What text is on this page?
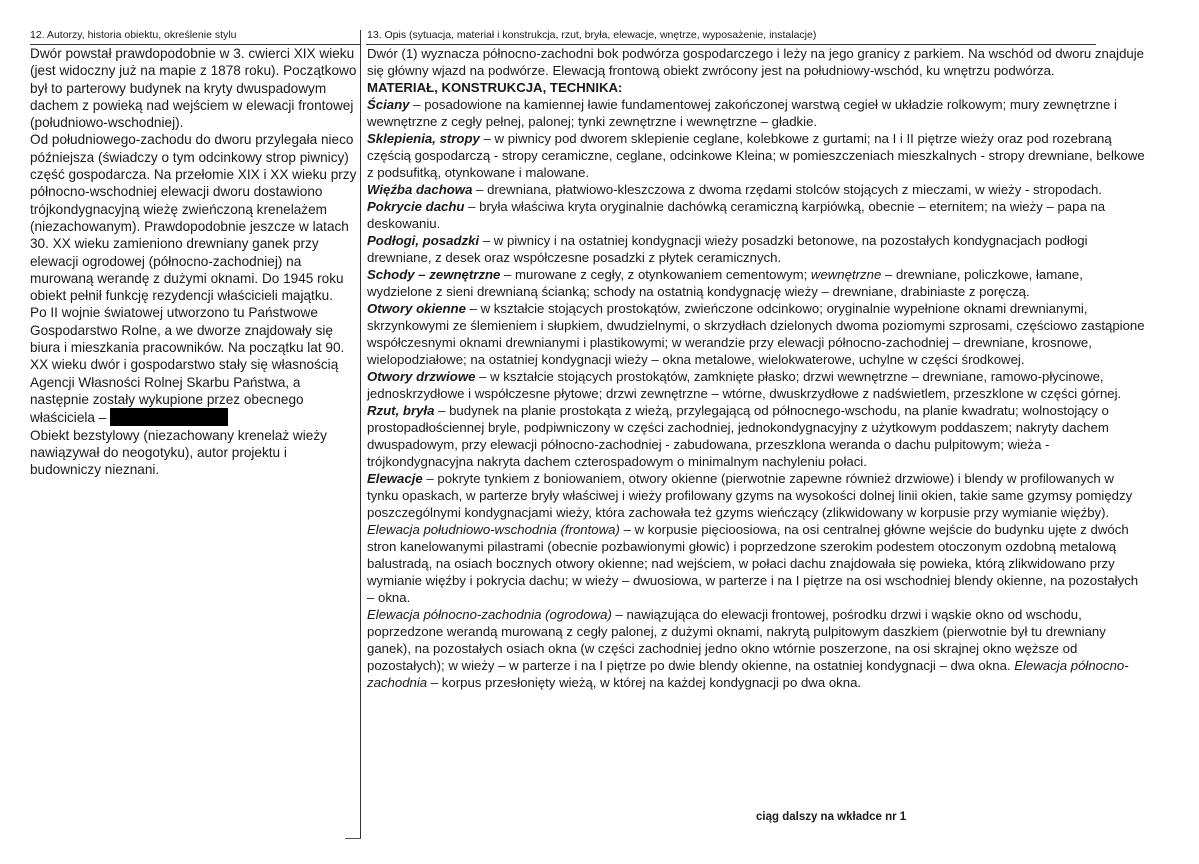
12. Autorzy, historia obiektu, określenie stylu

Dwór powstał prawdopodobnie w 3. cwierci XIX wieku (jest widoczny już na mapie z 1878 roku). Początkowo był to parterowy budynek na kryty dwuspadowym dachem z powieką nad wejściem w elewacji frontowej (południowo-wschodniej).

Od południowego-zachodu do dworu przylegała nieco późniejsza (świadczy o tym odcinkowy strop piwnicy) część gospodarcza. Na przełomie XIX i XX wieku przy północno-wschodniej elewacji dworu dostawiono trójkondygnacyjną wieżę zwieńczoną krenelażem (niezachowanym). Prawdopodobnie jeszcze w latach 30. XX wieku zamieniono drewniany ganek przy elewacji ogrodowej (północno-zachodniej) na murowaną werandę z dużymi oknami. Do 1945 roku obiekt pełnił funkcję rezydencji właścicieli majątku.

Po II wojnie światowej utworzono tu Państwowe Gospodarstwo Rolne, a we dworze znajdowały się biura i mieszkania pracowników. Na początku lat 90. XX wieku dwór i gospodarstwo stały się własnością Agencji Własności Rolnej Skarbu Państwa, a następnie zostały wykupione przez obecnego właściciela –

Obiekt bezstylowy (niezachowany krenelaż wieży nawiązywał do neogotyku), autor projektu i budowniczy nieznani.

13. Opis (sytuacja, materiał i konstrukcja, rzut, bryła, elewacje, wnętrze, wyposażenie, instalacje)

Dwór (1) wyznacza północno-zachodni bok podwórza gospodarczego i leży na jego granicy z parkiem. Na wschód od dworu znajduje się główny wjazd na podwórze. Elewacją frontową obiekt zwrócony jest na południowy-wschód, ku wnętrzu podwórza.

MATERIAŁ, KONSTRUKCJA, TECHNIKA:

Ściany – posadowione na kamiennej ławie fundamentowej zakończonej warstwą cegieł w układzie rolkowym; mury zewnętrzne i wewnętrzne z cegły pełnej, palonej; tynki zewnętrzne i wewnętrzne – gładkie.

Sklepienia, stropy – w piwnicy pod dworem sklepienie ceglane, kolebkowe z gurtami; na I i II piętrze wieży oraz pod rozebraną częścią gospodarczą - stropy ceramiczne, ceglane, odcinkowe Kleina; w pomieszczeniach mieszkalnych - stropy drewniane, belkowe z podsufitką, otynkowane i malowane.

Więźba dachowa – drewniana, płatwiowo-kleszczowa z dwoma rzędami stolców stojących z mieczami, w wieży - stropodach.

Pokrycie dachu – bryła właściwa kryta oryginalnie dachówką ceramiczną karpiówką, obecnie – eternitem; na wieży – papa na deskowaniu.

Podłogi, posadzki – w piwnicy i na ostatniej kondygnacji wieży posadzki betonowe, na pozostałych kondygnacjach podłogi drewniane, z desek oraz współczesne posadzki z płytek ceramicznych.

Schody – zewnętrzne – murowane z cegły, z otynkowaniem cementowym; wewnętrzne – drewniane, policzkowe, łamane, wydzielone z sieni drewnianą ścianką; schody na ostatnią kondygnację wieży – drewniane, drabiniaste z poręczą.

Otwory okienne – w kształcie stojących prostokątów, zwieńczone odcinkowo; oryginalnie wypełnione oknami drewnianymi, skrzynkowymi ze ślemieniem i słupkiem, dwudzielnymi, o skrzydłach dzielonych dwoma poziomymi szprosami, częściowo zastąpione współczesnymi oknami drewnianymi i plastikowymi; w werandzie przy elewacji północno-zachodniej – drewniane, krosnowe, wielopodziałowe; na ostatniej kondygnacji wieży – okna metalowe, wielokwaterowe, uchylne w części środkowej.

Otwory drzwiowe – w kształcie stojących prostokątów, zamknięte płasko; drzwi wewnętrzne – drewniane, ramowo-płycinowe, jednoskrzydłowe i współczesne płytowe; drzwi zewnętrzne – wtórne, dwuskrzydłowe z nadświetlem, przeszklone w części górnej.

Rzut, bryła – budynek na planie prostokąta z wieżą, przylegającą od północnego-wschodu, na planie kwadratu; wolnostojący o prostopadłościennej bryle, podpiwniczony w części zachodniej, jednokondygnacyjny z użytkowym poddaszem; nakryty dachem dwuspadowym, przy elewacji północno-zachodniej - zabudowana, przeszklona weranda o dachu pulpitowym; wieża - trójkondygnacyjna nakryta dachem czterospadowym o minimalnym nachyleniu połaci.

Elewacje – pokryte tynkiem z boniowaniem, otwory okienne (pierwotnie zapewne również drzwiowe) i blendy w profilowanych w tynku opaskach, w parterze bryły właściwej i wieży profilowany gzyms na wysokości dolnej linii okien, takie same gzymsy pomiędzy poszczególnymi kondygnacjami wieży, która zachowała też gzyms wieńczący (zlikwidowany w korpusie przy wymianie więźby). Elewacja południowo-wschodnia (frontowa) – w korpusie pięcioosiowa, na osi centralnej główne wejście do budynku ujęte z dwóch stron kanelowanymi pilastrami (obecnie pozbawionymi głowic) i poprzedzone szerokim podestem otoczonym ozdobną metalową balustradą, na osiach bocznych otwory okienne; nad wejściem, w połaci dachu znajdowała się powieka, którą zlikwidowano przy wymianie więźby i pokrycia dachu; w wieży – dwuosiowa, w parterze i na I piętrze na osi wschodniej blendy okienne, na pozostałych – okna.

Elewacja północno-zachodnia (ogrodowa) – nawiązująca do elewacji frontowej, pośrodku drzwi i wąskie okno od wschodu, poprzedzone werandą murowaną z cegły palonej, z dużymi oknami, nakrytą pulpitowym daszkiem (pierwotnie był tu drewniany ganek), na pozostałych osiach okna (w części zachodniej jedno okno wtórnie poszerzone, na osi skrajnej okno węższe od pozostałych); w wieży – w parterze i na I piętrze po dwie blendy okienne, na ostatniej kondygnacji – dwa okna. Elewacja północno-zachodnia – korpus przesłonięty wieżą, w której na każdej kondygnacji po dwa okna.

ciąg dalszy na wkładce nr 1
